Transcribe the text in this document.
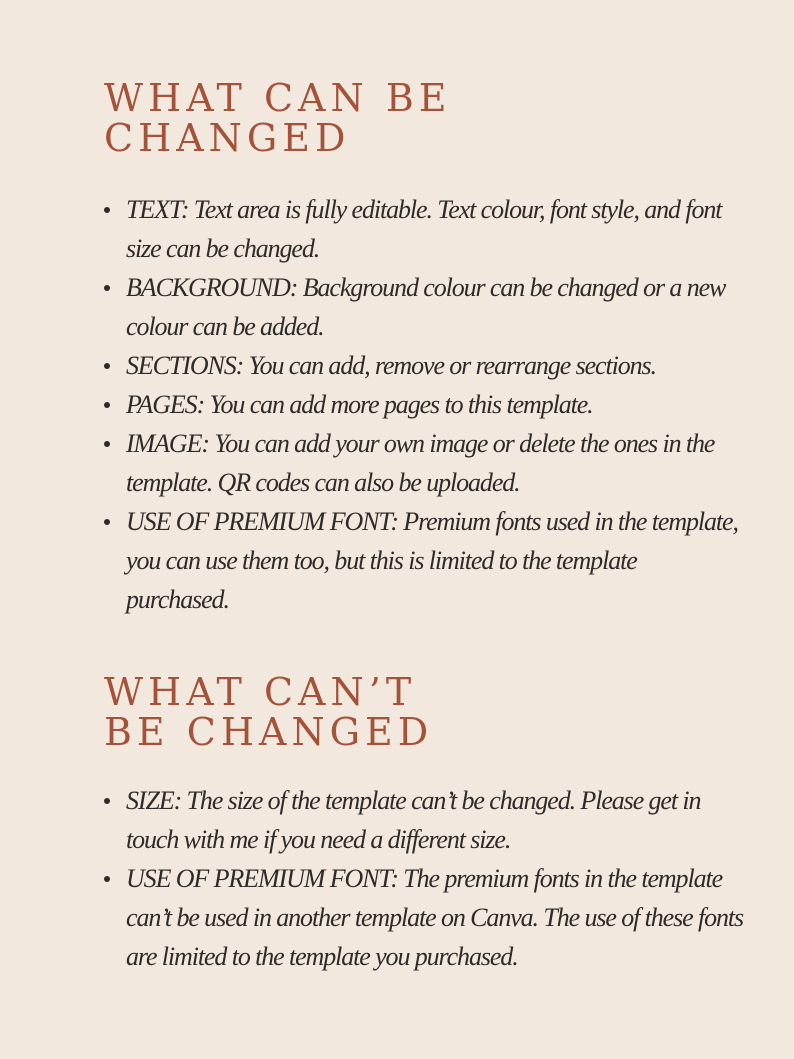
WHAT CAN BE
CHANGED
TEXT: Text area is fully editable. Text colour, font style, and font size can be changed.
BACKGROUND: Background colour can be changed or a new colour can be added.
SECTIONS: You can add, remove or rearrange sections.
PAGES: You can add more pages to this template.
IMAGE: You can add your own image or delete the ones in the template. QR codes can also be uploaded.
USE OF PREMIUM FONT: Premium fonts used in the template, you can use them too, but this is limited to the template purchased.
WHAT CAN’T
BE CHANGED
SIZE: The size of the template can’t be changed. Please get in touch with me if you need a different size.
USE OF PREMIUM FONT: The premium fonts in the template can’t be used in another template on Canva. The use of these fonts are limited to the template you purchased.
